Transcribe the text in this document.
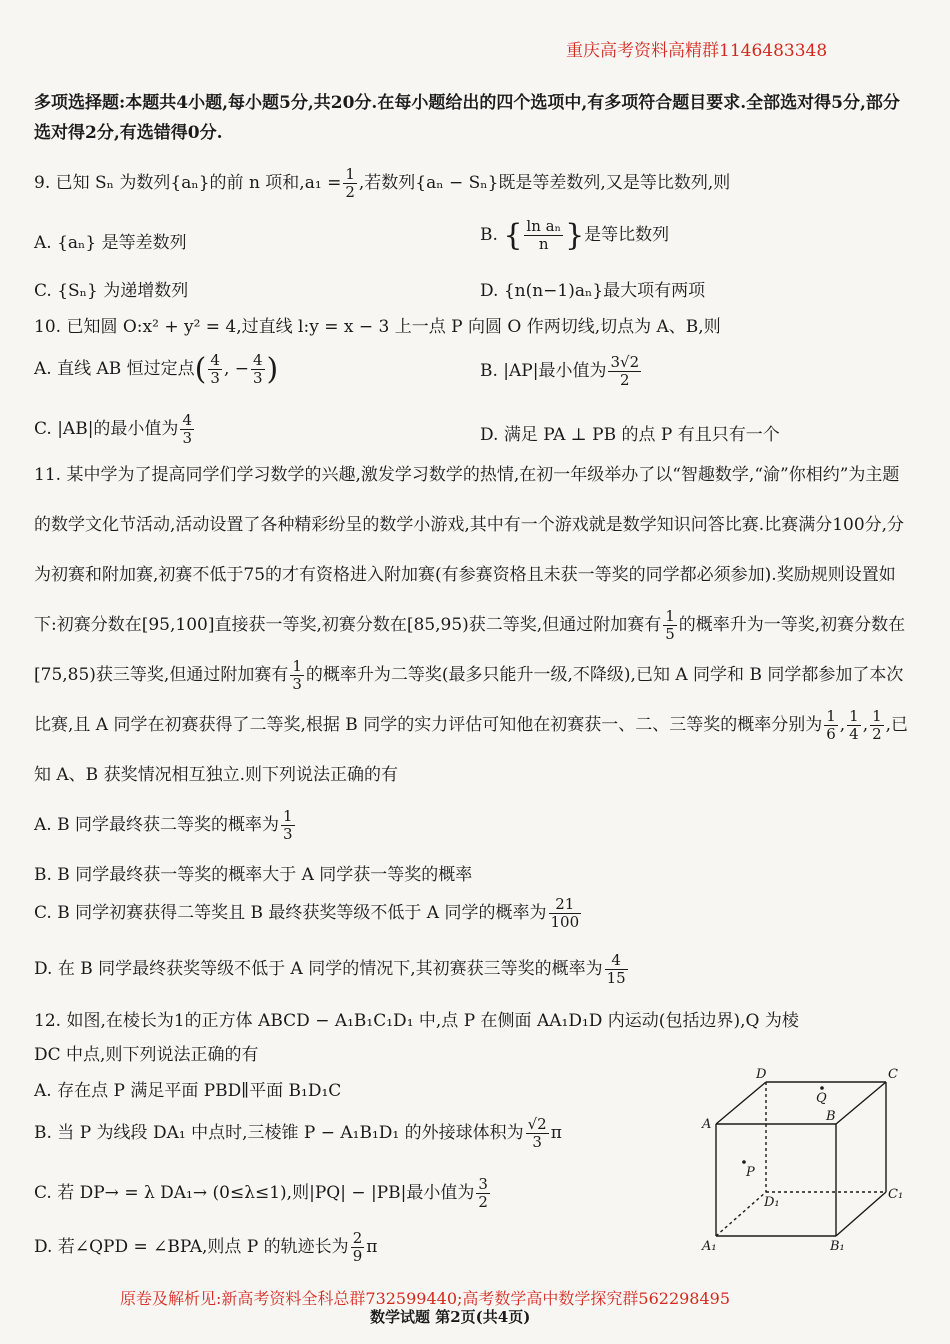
重庆高考资料高精群1146483348
多项选择题:本题共4小题,每小题5分,共20分.在每小题给出的四个选项中,有多项符合题目要求.全部选对得5分,部分选对得2分,有选错得0分.
9. 已知 Sₙ 为数列{aₙ}的前 n 项和$,a_1 = \frac{1}{2}$ ,若数列{aₙ − Sₙ}既是等差数列,又是等比数列,则
A. {aₙ} 是等差数列	B. { $\frac{\text{ln aₙ}}{n}$ }是等比数列
C. {Sₙ} 为递增数列	D. {n(n−1)aₙ}最大项有两项
10. 已知圆 O:x² + y² = 4,过直线 l:y = x − 3 上一点 P 向圆 O 作两切线,切点为 A、B,则
A. 直线 AB 恒过定点( $\frac{4}{3}$ , − $\frac{4}{3}$ )	B. |AP|最小值为 $\frac{3√2}{2}$
C. |AB|的最小值为 $\frac{4}{3}$	D. 满足 PA ⊥ PB 的点 P 有且只有一个
11. 某中学为了提高同学们学习数学的兴趣,激发学习数学的热情,在初一年级举办了以“智趣数学,“渝”你相约”为主题的数学文化节活动,活动设置了各种精彩纷呈的数学小游戏,其中有一个游戏就是数学知识问答比赛.比赛满分100分,分为初赛和附加赛,初赛不低于75的才有资格进入附加赛(有参赛资格且未获一等奖的同学都必须参加).奖励规则设置如下:初赛分数在[95,100]直接获一等奖,初赛分数在[85,95)获二等奖,但通过附加赛有 $\frac{1}{5}$ 的概率升为一等奖,初赛分数在[75,85)获三等奖,但通过附加赛有 $\frac{1}{3}$ 的概率升为二等奖(最多只能升一级,不降级),已知 A 同学和 B 同学都参加了本次比赛,且 A 同学在初赛获得了二等奖,根据 B 同学的实力评估可知他在初赛获一、二、三等奖的概率分别为 $\frac{1}{6}$ , $\frac{1}{4}$ , $\frac{1}{2}$ ,已知 A、B 获奖情况相互独立.则下列说法正确的有
A. B 同学最终获二等奖的概率为 $\frac{1}{3}$
B. B 同学最终获一等奖的概率大于 A 同学获一等奖的概率
C. B 同学初赛获得二等奖且 B 最终获奖等级不低于 A 同学的概率为 $\frac{21}{100}$
D. 在 B 同学最终获奖等级不低于 A 同学的情况下,其初赛获三等奖的概率为 $\frac{4}{15}$
12. 如图,在棱长为1的正方体 ABCD − A₁B₁C₁D₁ 中,点 P 在侧面 AA₁D₁D 内运动(包括边界),Q 为棱
DC 中点,则下列说法正确的有
A. 存在点 P 满足平面 PBD∥平面 B₁D₁C
B. 当 P 为线段 DA₁ 中点时,三棱锥 P − A₁B₁D₁ 的外接球体积为 $\frac{√2}{3}$ π
C. 若 DP→ = λ DA₁→ (0≤λ≤1),则|PQ| − |PB|最小值为 $\frac{3}{2}$
D. 若∠QPD = ∠BPA,则点 P 的轨迹长为 $\frac{2}{9}$ π
D	C
Q
A
B
P
D₁
C₁
A₁	B₁
原卷及解析见:新高考资料全科总群732599440;高考数学高中数学探究群562298495
数学试题 第2页(共4页)
